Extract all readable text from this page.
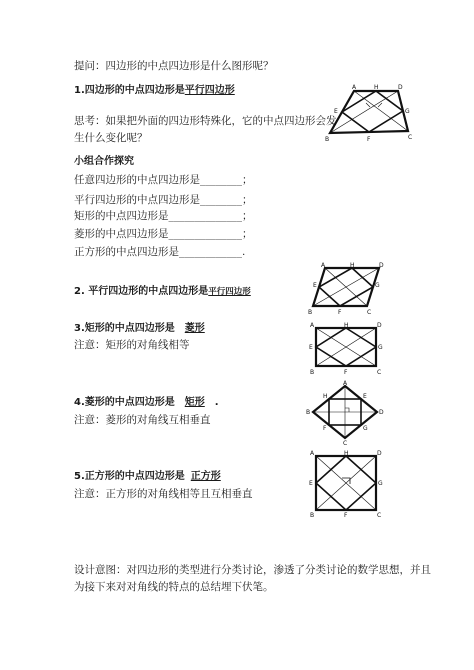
提问：四边形的中点四边形是什么图形呢？
1.四边形的中点四边形是平行四边形
思考：如果把外面的四边形特殊化，它的中点四边形会发
生什么变化呢？
小组合作探究
任意四边形的中点四边形是________；
平行四边形的中点四边形是________；
矩形的中点四边形是______________；
菱形的中点四边形是______________；
正方形的中点四边形是____________.
2. 平行四边形的中点四边形是平行四边形
3.矩形的中点四边形是 菱形
注意：矩形的对角线相等
4.菱形的中点四边形是 矩形 .
注意：菱形的对角线互相垂直
5.正方形的中点四边形是 正方形
注意：正方形的对角线相等且互相垂直
设计意图：对四边形的类型进行分类讨论，渗透了分类讨论的数学思想，并且
为接下来对对角线的特点的总结埋下伏笔。
A	H	D
E	G
B	F	C
A	H	D
E	G
B	F	C
A	H	D
E	G
B	F	C
A
H	E
D
B
G
F
C
A	H	D
E	G
B	F	C
